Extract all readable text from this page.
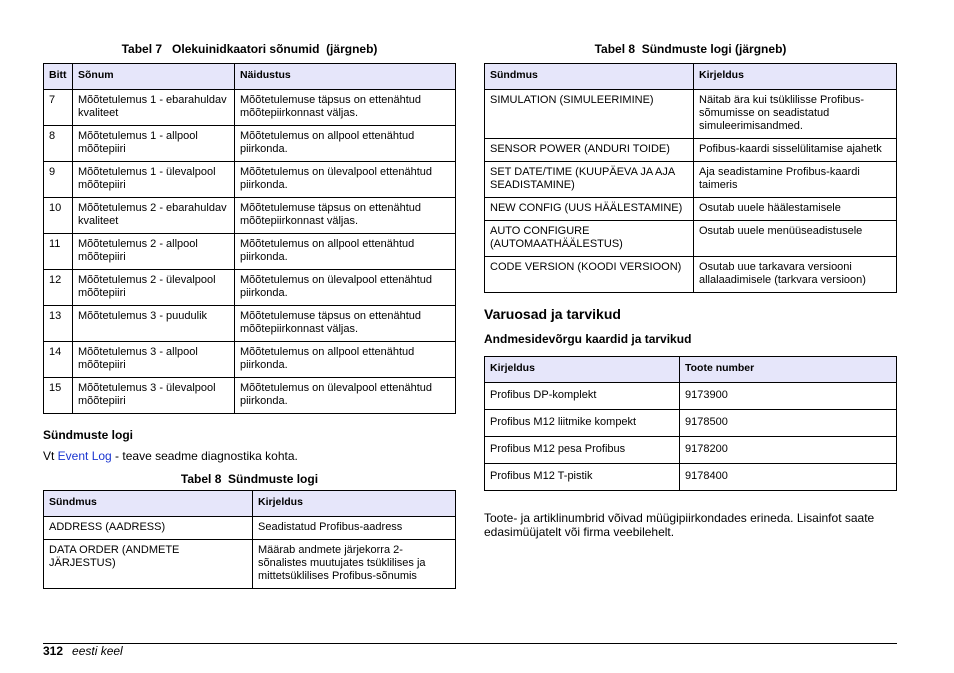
Tabel 7   Olekuinidkaatori sõnumid  (järgneb)
Bitt	Sõnum	Näidustus
7	Mõõtetulemus 1 - ebarahuldav kvaliteet	Mõõtetulemuse täpsus on ettenähtud mõõtepiirkonnast väljas.
8	Mõõtetulemus 1 - allpool mõõtepiiri	Mõõtetulemus on allpool ettenähtud piirkonda.
9	Mõõtetulemus 1 - ülevalpool mõõtepiiri	Mõõtetulemus on ülevalpool ettenähtud piirkonda.
10	Mõõtetulemus 2 - ebarahuldav kvaliteet	Mõõtetulemuse täpsus on ettenähtud mõõtepiirkonnast väljas.
11	Mõõtetulemus 2 - allpool mõõtepiiri	Mõõtetulemus on allpool ettenähtud piirkonda.
12	Mõõtetulemus 2 - ülevalpool mõõtepiiri	Mõõtetulemus on ülevalpool ettenähtud piirkonda.
13	Mõõtetulemus 3 - puudulik	Mõõtetulemuse täpsus on ettenähtud mõõtepiirkonnast väljas.
14	Mõõtetulemus 3 - allpool mõõtepiiri	Mõõtetulemus on allpool ettenähtud piirkonda.
15	Mõõtetulemus 3 - ülevalpool mõõtepiiri	Mõõtetulemus on ülevalpool ettenähtud piirkonda.
Sündmuste logi
Vt Event Log - teave seadme diagnostika kohta.
Tabel 8  Sündmuste logi
Sündmus	Kirjeldus
ADDRESS (AADRESS)	Seadistatud Profibus-aadress
DATA ORDER (ANDMETE JÄRJESTUS)	Määrab andmete järjekorra 2-sõnalistes muutujates tsüklilises ja mittetsüklilises Profibus-sõnumis
Tabel 8  Sündmuste logi (järgneb)
Sündmus	Kirjeldus
SIMULATION (SIMULEERIMINE)	Näitab ära kui tsüklilisse Profibus-sõmumisse on seadistatud simuleerimisandmed.
SENSOR POWER (ANDURI TOIDE)	Pofibus-kaardi sisselülitamise ajahetk
SET DATE/TIME (KUUPÄEVA JA AJA SEADISTAMINE)	Aja seadistamine Profibus-kaardi taimeris
NEW CONFIG (UUS HÄÄLESTAMINE)	Osutab uuele häälestamisele
AUTO CONFIGURE (AUTOMAATHÄÄLESTUS)	Osutab uuele menüüseadistusele
CODE VERSION (KOODI VERSIOON)	Osutab uue tarkavara versiooni allalaadimisele (tarkvara versioon)
Varuosad ja tarvikud
Andmesidevõrgu kaardid ja tarvikud
Kirjeldus	Toote number
Profibus DP-komplekt	9173900
Profibus M12 liitmike kompekt	9178500
Profibus M12 pesa Profibus	9178200
Profibus M12 T-pistik	9178400
Toote- ja artiklinumbrid võivad müügipiirkondades erineda. Lisainfot saate edasimüüjatelt või firma veebilehelt.
312 eesti keel
